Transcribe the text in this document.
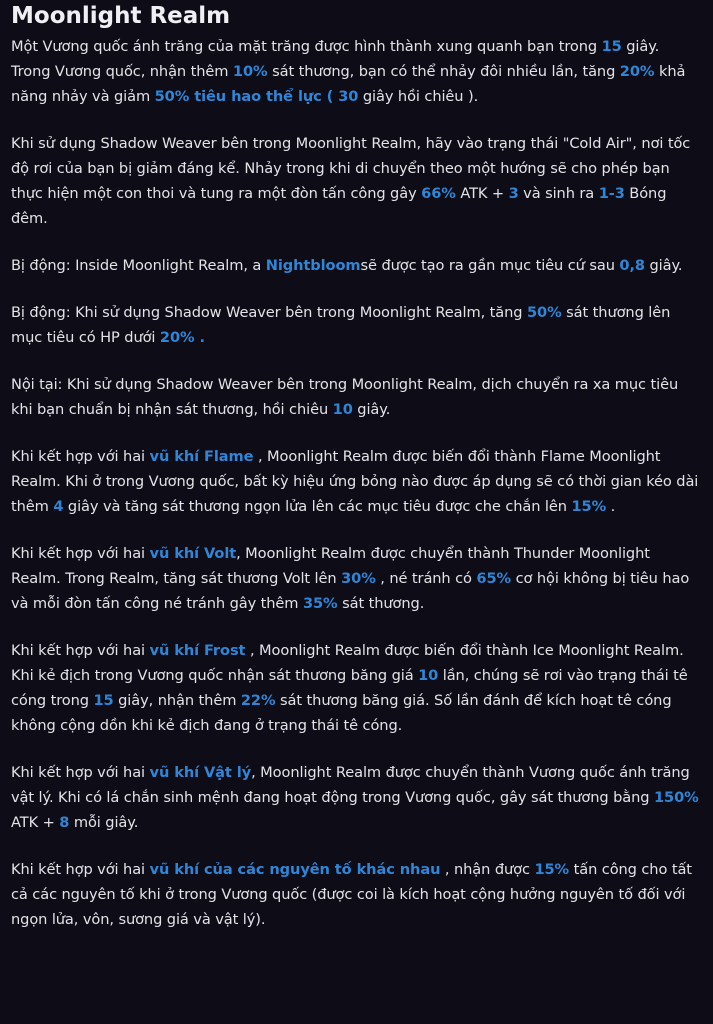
Moonlight Realm

Một Vương quốc ánh trăng của mặt trăng được hình thành xung quanh bạn trong 15 giây. Trong Vương quốc, nhận thêm 10% sát thương, bạn có thể nhảy đôi nhiều lần, tăng 20% khả năng nhảy và giảm 50% tiêu hao thể lực ( 30 giây hồi chiêu ).

Khi sử dụng Shadow Weaver bên trong Moonlight Realm, hãy vào trạng thái "Cold Air", nơi tốc độ rơi của bạn bị giảm đáng kể. Nhảy trong khi di chuyển theo một hướng sẽ cho phép bạn thực hiện một con thoi và tung ra một đòn tấn công gây 66% ATK + 3 và sinh ra 1-3 Bóng đêm.

Bị động: Inside Moonlight Realm, a Nightbloomsẽ được tạo ra gần mục tiêu cứ sau 0,8 giây.

Bị động: Khi sử dụng Shadow Weaver bên trong Moonlight Realm, tăng 50% sát thương lên mục tiêu có HP dưới 20% .

Nội tại: Khi sử dụng Shadow Weaver bên trong Moonlight Realm, dịch chuyển ra xa mục tiêu khi bạn chuẩn bị nhận sát thương, hồi chiêu 10 giây.

Khi kết hợp với hai vũ khí Flame , Moonlight Realm được biến đổi thành Flame Moonlight Realm. Khi ở trong Vương quốc, bất kỳ hiệu ứng bỏng nào được áp dụng sẽ có thời gian kéo dài thêm 4 giây và tăng sát thương ngọn lửa lên các mục tiêu được che chắn lên 15% .

Khi kết hợp với hai vũ khí Volt, Moonlight Realm được chuyển thành Thunder Moonlight Realm. Trong Realm, tăng sát thương Volt lên 30% , né tránh có 65% cơ hội không bị tiêu hao và mỗi đòn tấn công né tránh gây thêm 35% sát thương.

Khi kết hợp với hai vũ khí Frost , Moonlight Realm được biến đổi thành Ice Moonlight Realm. Khi kẻ địch trong Vương quốc nhận sát thương băng giá 10 lần, chúng sẽ rơi vào trạng thái tê cóng trong 15 giây, nhận thêm 22% sát thương băng giá. Số lần đánh để kích hoạt tê cóng không cộng dồn khi kẻ địch đang ở trạng thái tê cóng.

Khi kết hợp với hai vũ khí Vật lý, Moonlight Realm được chuyển thành Vương quốc ánh trăng vật lý. Khi có lá chắn sinh mệnh đang hoạt động trong Vương quốc, gây sát thương bằng 150% ATK + 8 mỗi giây.

Khi kết hợp với hai vũ khí của các nguyên tố khác nhau , nhận được 15% tấn công cho tất cả các nguyên tố khi ở trong Vương quốc (được coi là kích hoạt cộng hưởng nguyên tố đối với ngọn lửa, vôn, sương giá và vật lý).
